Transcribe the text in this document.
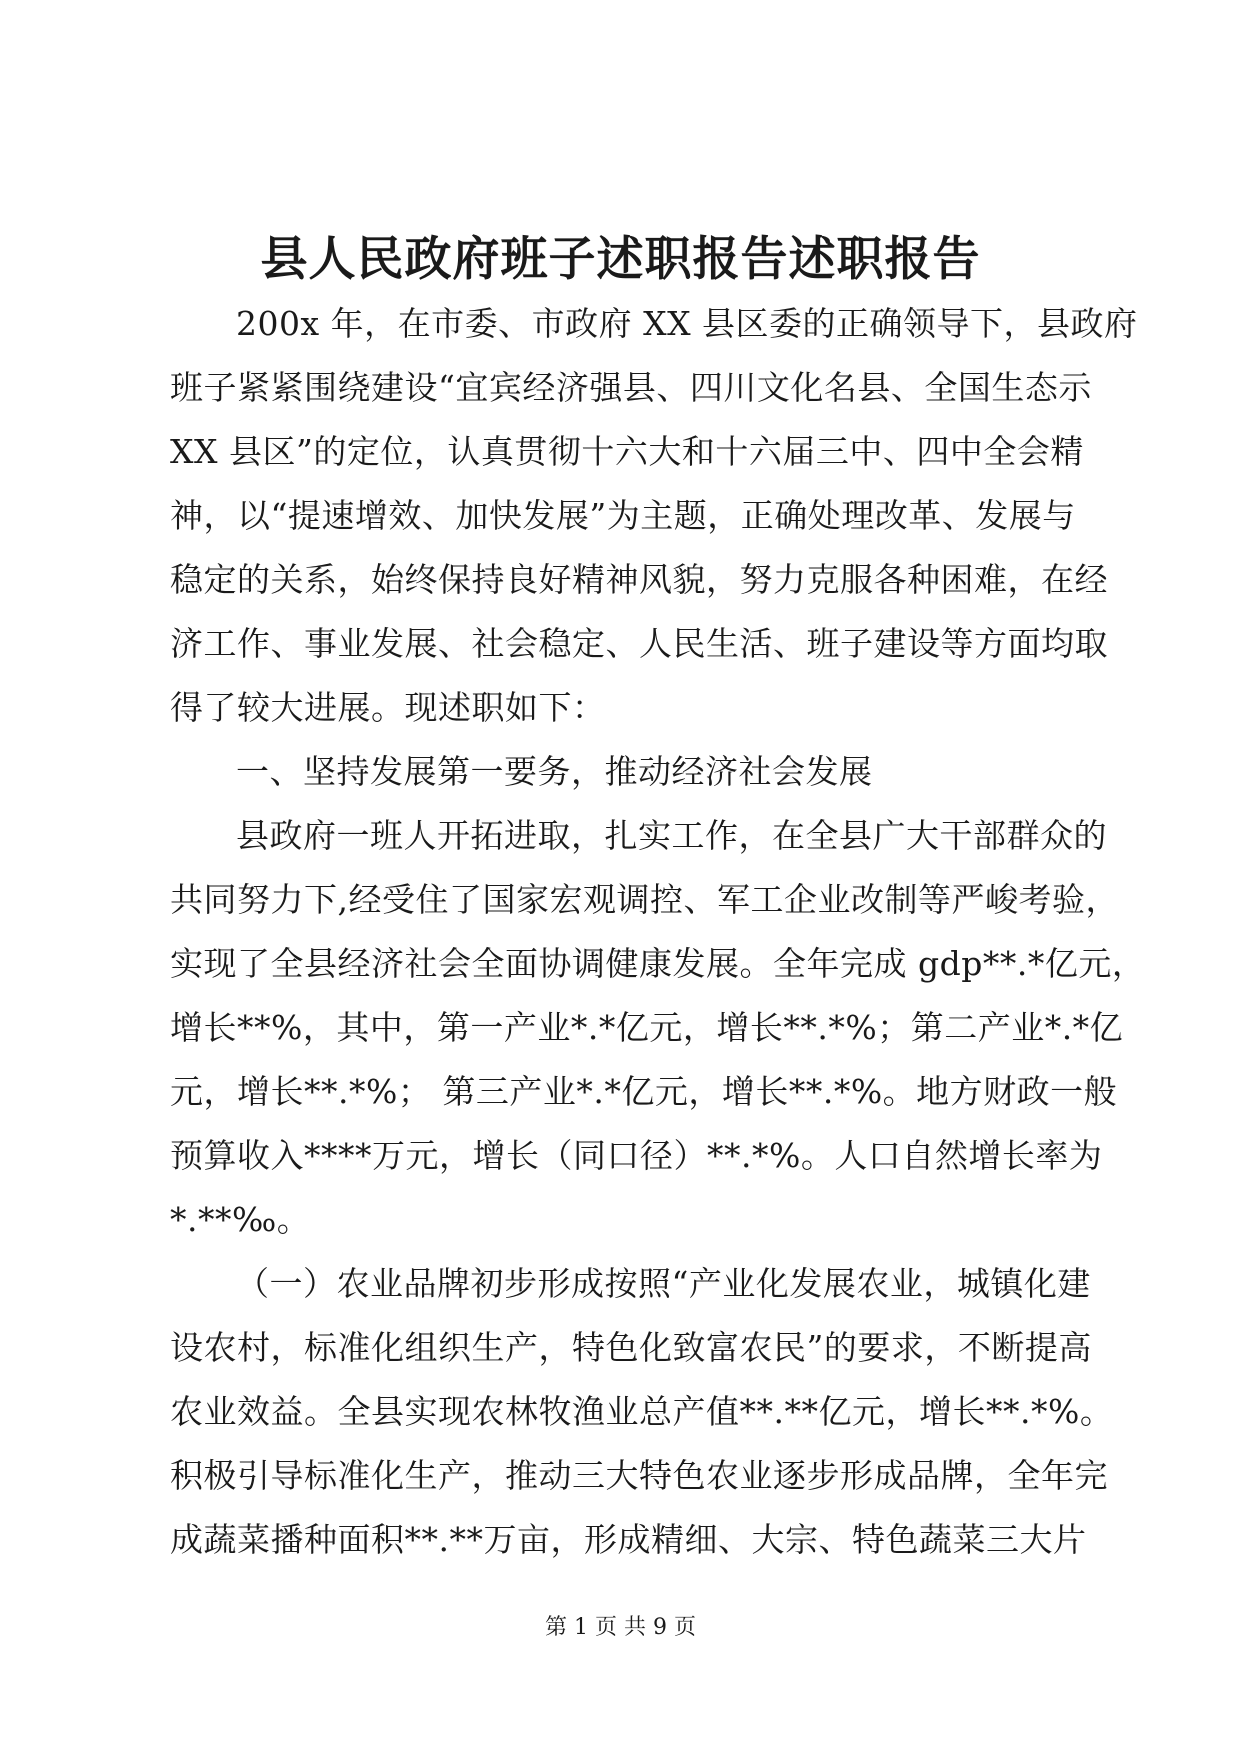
县人民政府班子述职报告述职报告
200x 年，在市委、市政府 XX 县区委的正确领导下，县政府
班子紧紧围绕建设“宜宾经济强县、四川文化名县、全国生态示
XX 县区”的定位，认真贯彻十六大和十六届三中、四中全会精
神，以“提速增效、加快发展”为主题，正确处理改革、发展与
稳定的关系，始终保持良好精神风貌，努力克服各种困难，在经
济工作、事业发展、社会稳定、人民生活、班子建设等方面均取
得了较大进展。现述职如下：
一、坚持发展第一要务，推动经济社会发展
县政府一班人开拓进取，扎实工作，在全县广大干部群众的
共同努力下,经受住了国家宏观调控、军工企业改制等严峻考验，
实现了全县经济社会全面协调健康发展。全年完成 gdp**.*亿元，
增长**%，其中，第一产业*.*亿元，增长**.*%；第二产业*.*亿
元，增长**.*%； 第三产业*.*亿元，增长**.*%。地方财政一般
预算收入****万元，增长（同口径）**.*%。人口自然增长率为
*.**‰。
（一）农业品牌初步形成按照“产业化发展农业，城镇化建
设农村，标准化组织生产，特色化致富农民”的要求，不断提高
农业效益。全县实现农林牧渔业总产值**.**亿元，增长**.*%。
积极引导标准化生产，推动三大特色农业逐步形成品牌，全年完
成蔬菜播种面积**.**万亩，形成精细、大宗、特色蔬菜三大片
第 1 页 共 9 页
